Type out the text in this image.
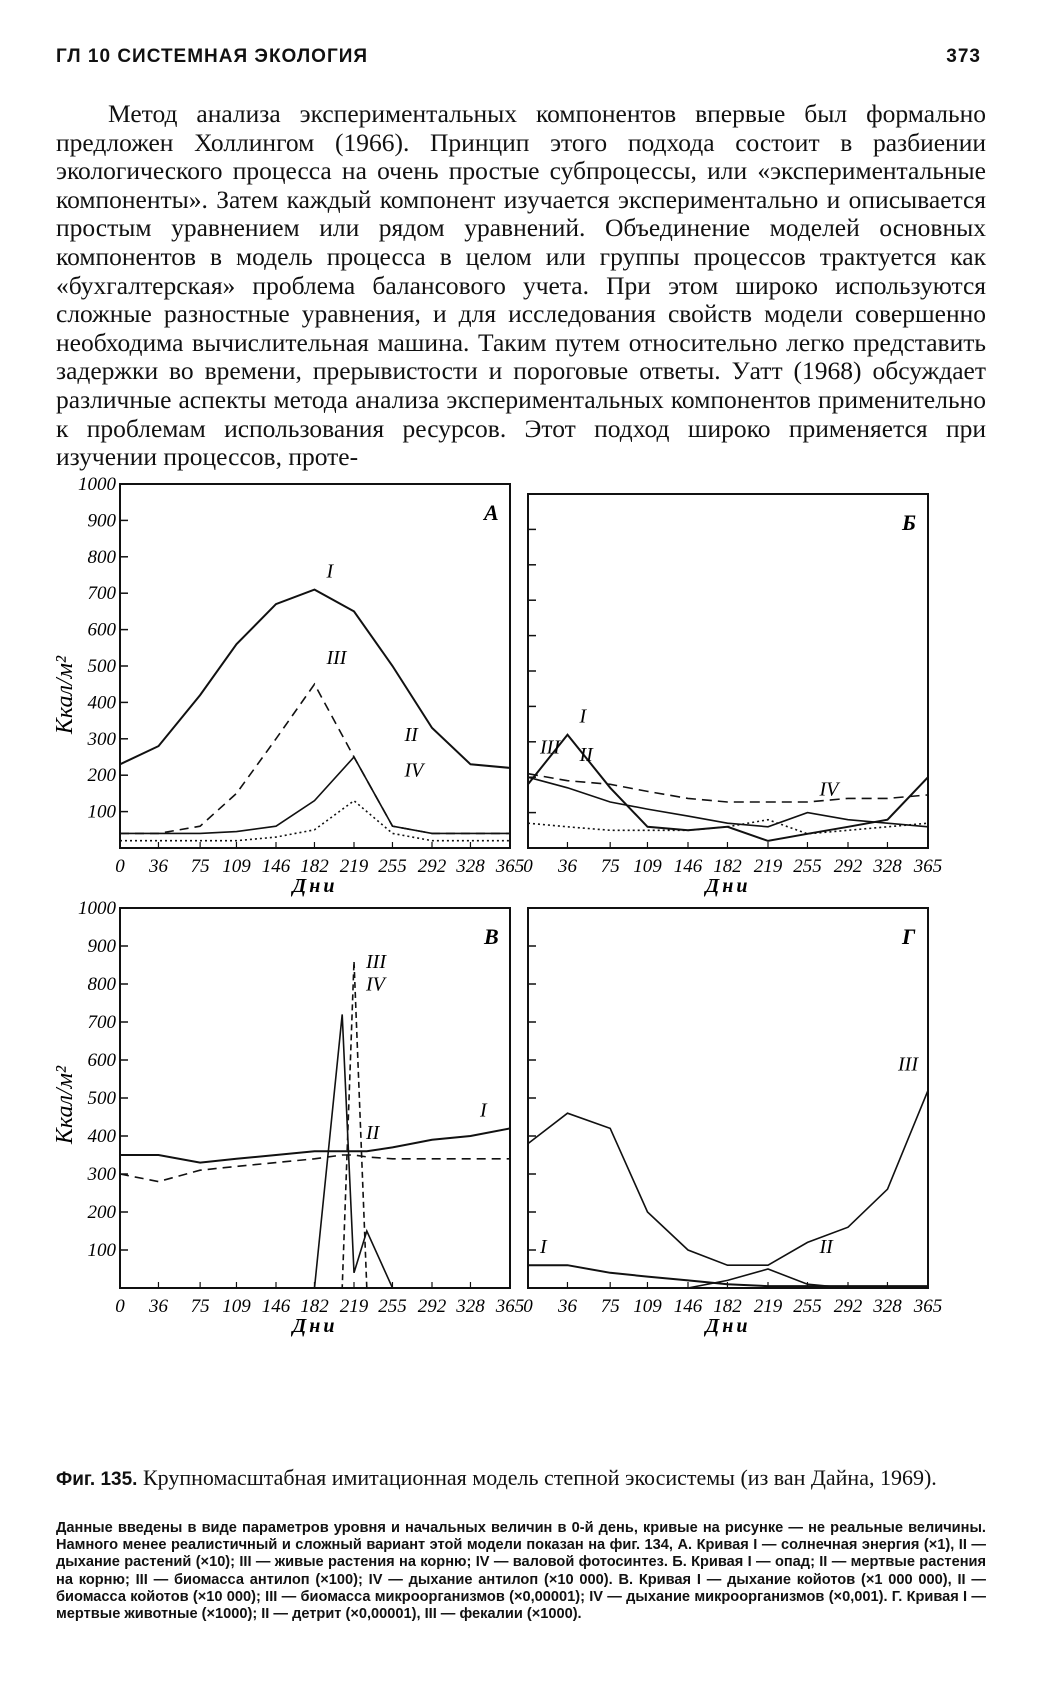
ГЛ 10 СИСТЕМНАЯ ЭКОЛОГИЯ	373

Метод анализа экспериментальных компонентов впервые был формально предложен Холлингом (1966). Принцип этого подхода состоит в разбиении экологического процесса на очень простые субпроцессы, или «экспериментальные компоненты». Затем каждый компонент изучается экспериментально и описывается простым уравнением или рядом уравнений. Объединение моделей основных компонентов в модель процесса в целом или группы процессов трактуется как «бухгалтерская» проблема балансового учета. При этом широко используются сложные разностные уравнения, и для исследования свойств модели совершенно необходима вычислительная машина. Таким путем относительно легко представить задержки во времени, прерывистости и пороговые ответы. Уатт (1968) обсуждает различные аспекты метода анализа экспериментальных компонентов применительно к проблемам использования ресурсов. Этот подход широко применяется при изучении процессов, проте-

1000
900
800
700
600
500
400
300
200
100
0 36 75 109 146 182 219 255 292 328 365
Дни
А
I
II
III
IV
0 36 75 109 146 182 219 255 292 328 365
Дни
Б
I
II
III
IV
1000
900
800
700
600
500
400
300
200
100
0 36 75 109 146 182 219 255 292 328 365
Дни
В
I
II
III
IV
0 36 75 109 146 182 219 255 292 328 365
Дни
Г
I	II
III
Ккал/м²
Ккал/м²

Фиг. 135. Крупномасштабная имитационная модель степной экосистемы (из ван Дайна, 1969).

Данные введены в виде параметров уровня и начальных величин в 0-й день, кривые на рисунке — не реальные величины. Намного менее реалистичный и сложный вариант этой модели показан на фиг. 134, А. Кривая I — солнечная энергия (×1), II — дыхание растений (×10); III — живые растения на корню; IV — валовой фотосинтез. Б. Кривая I — опад; II — мертвые растения на корню; III — биомасса антилоп (×100); IV — дыхание антилоп (×10 000). В. Кривая I — дыхание койотов (×1 000 000), II — биомасса койотов (×10 000); III — биомасса микроорганизмов (×0,00001); IV — дыхание микроорганизмов (×0,001). Г. Кривая I — мертвые животные (×1000); II — детрит (×0,00001), III — фекалии (×1000).
